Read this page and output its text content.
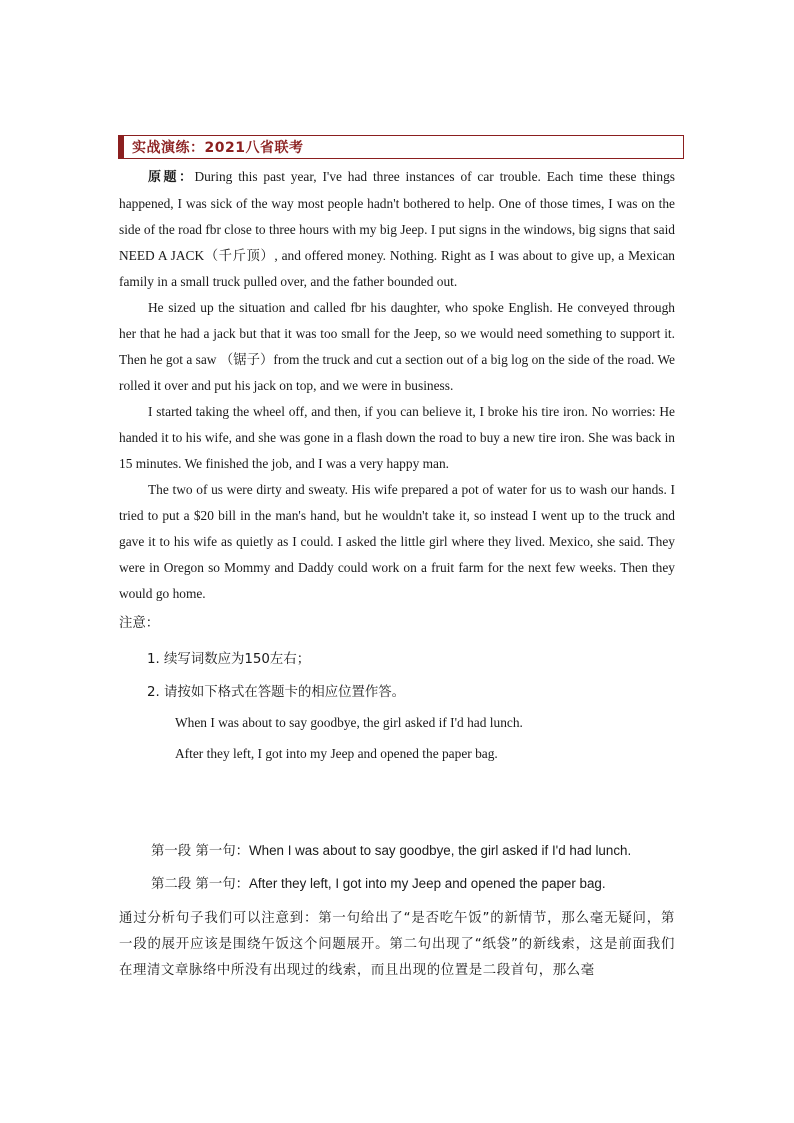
实战演练：2021八省联考

原题：During this past year, I've had three instances of car trouble. Each time these things happened, I was sick of the way most people hadn't bothered to help. One of those times, I was on the side of the road fbr close to three hours with my big Jeep. I put signs in the windows, big signs that said NEED A JACK（千斤顶）, and offered money. Nothing. Right as I was about to give up, a Mexican family in a small truck pulled over, and the father bounded out.

He sized up the situation and called fbr his daughter, who spoke English. He conveyed through her that he had a jack but that it was too small for the Jeep, so we would need something to support it. Then he got a saw （锯子）from the truck and cut a section out of a big log on the side of the road. We rolled it over and put his jack on top, and we were in business.

I started taking the wheel off, and then, if you can believe it, I broke his tire iron. No worries: He handed it to his wife, and she was gone in a flash down the road to buy a new tire iron. She was back in 15 minutes. We finished the job, and I was a very happy man.

The two of us were dirty and sweaty. His wife prepared a pot of water for us to wash our hands. I tried to put a $20 bill in the man's hand, but he wouldn't take it, so instead I went up to the truck and gave it to his wife as quietly as I could. I asked the little girl where they lived. Mexico, she said. They were in Oregon so Mommy and Daddy could work on a fruit farm for the next few weeks. Then they would go home.

注意：
1. 续写词数应为150左右；
2. 请按如下格式在答题卡的相应位置作答。
When I was about to say goodbye, the girl asked if I'd had lunch.
After they left, I got into my Jeep and opened the paper bag.
第一段 第一句：When I was about to say goodbye, the girl asked if I'd had lunch.
第二段 第一句：After they left, I got into my Jeep and opened the paper bag.
通过分析句子我们可以注意到：第一句给出了“是否吃午饭”的新情节，那么毫无疑问，第一段的展开应该是围绕午饭这个问题展开。第二句出现了“纸袋”的新线索，这是前面我们在理清文章脉络中所没有出现过的线索，而且出现的位置是二段首句，那么毫
